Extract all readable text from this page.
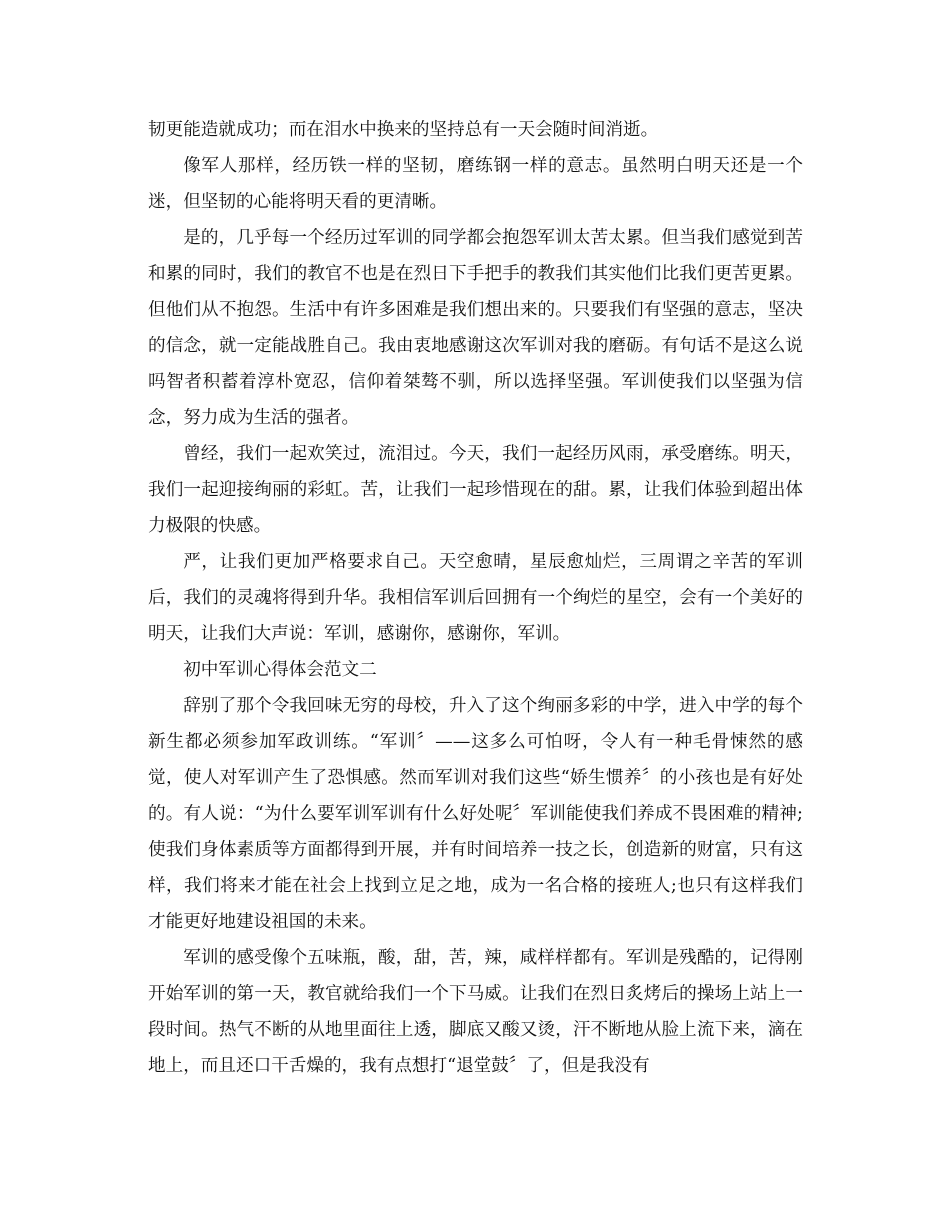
韧更能造就成功；而在泪水中换来的坚持总有一天会随时间消逝。

像军人那样，经历铁一样的坚韧，磨练钢一样的意志。虽然明白明天还是一个迷，但坚韧的心能将明天看的更清晰。

是的，几乎每一个经历过军训的同学都会抱怨军训太苦太累。但当我们感觉到苦和累的同时，我们的教官不也是在烈日下手把手的教我们其实他们比我们更苦更累。但他们从不抱怨。生活中有许多困难是我们想出来的。只要我们有坚强的意志，坚决的信念，就一定能战胜自己。我由衷地感谢这次军训对我的磨砺。有句话不是这么说吗智者积蓄着淳朴宽忍，信仰着桀骜不驯，所以选择坚强。军训使我们以坚强为信念，努力成为生活的强者。

曾经，我们一起欢笑过，流泪过。今天，我们一起经历风雨，承受磨练。明天，我们一起迎接绚丽的彩虹。苦，让我们一起珍惜现在的甜。累，让我们体验到超出体力极限的快感。

严，让我们更加严格要求自己。天空愈晴，星辰愈灿烂，三周谓之辛苦的军训后，我们的灵魂将得到升华。我相信军训后回拥有一个绚烂的星空，会有一个美好的明天，让我们大声说：军训，感谢你，感谢你，军训。

初中军训心得体会范文二

辞别了那个令我回味无穷的母校，升入了这个绚丽多彩的中学，进入中学的每个新生都必须参加军政训练。“军训〞——这多么可怕呀，令人有一种毛骨悚然的感觉，使人对军训产生了恐惧感。然而军训对我们这些“娇生惯养〞的小孩也是有好处的。有人说：“为什么要军训军训有什么好处呢〞军训能使我们养成不畏困难的精神;使我们身体素质等方面都得到开展，并有时间培养一技之长，创造新的财富，只有这样，我们将来才能在社会上找到立足之地，成为一名合格的接班人;也只有这样我们才能更好地建设祖国的未来。

军训的感受像个五味瓶，酸，甜，苦，辣，咸样样都有。军训是残酷的，记得刚开始军训的第一天，教官就给我们一个下马威。让我们在烈日炙烤后的操场上站上一段时间。热气不断的从地里面往上透，脚底又酸又烫，汗不断地从脸上流下来，滴在地上，而且还口干舌燥的，我有点想打“退堂鼓〞了，但是我没有
